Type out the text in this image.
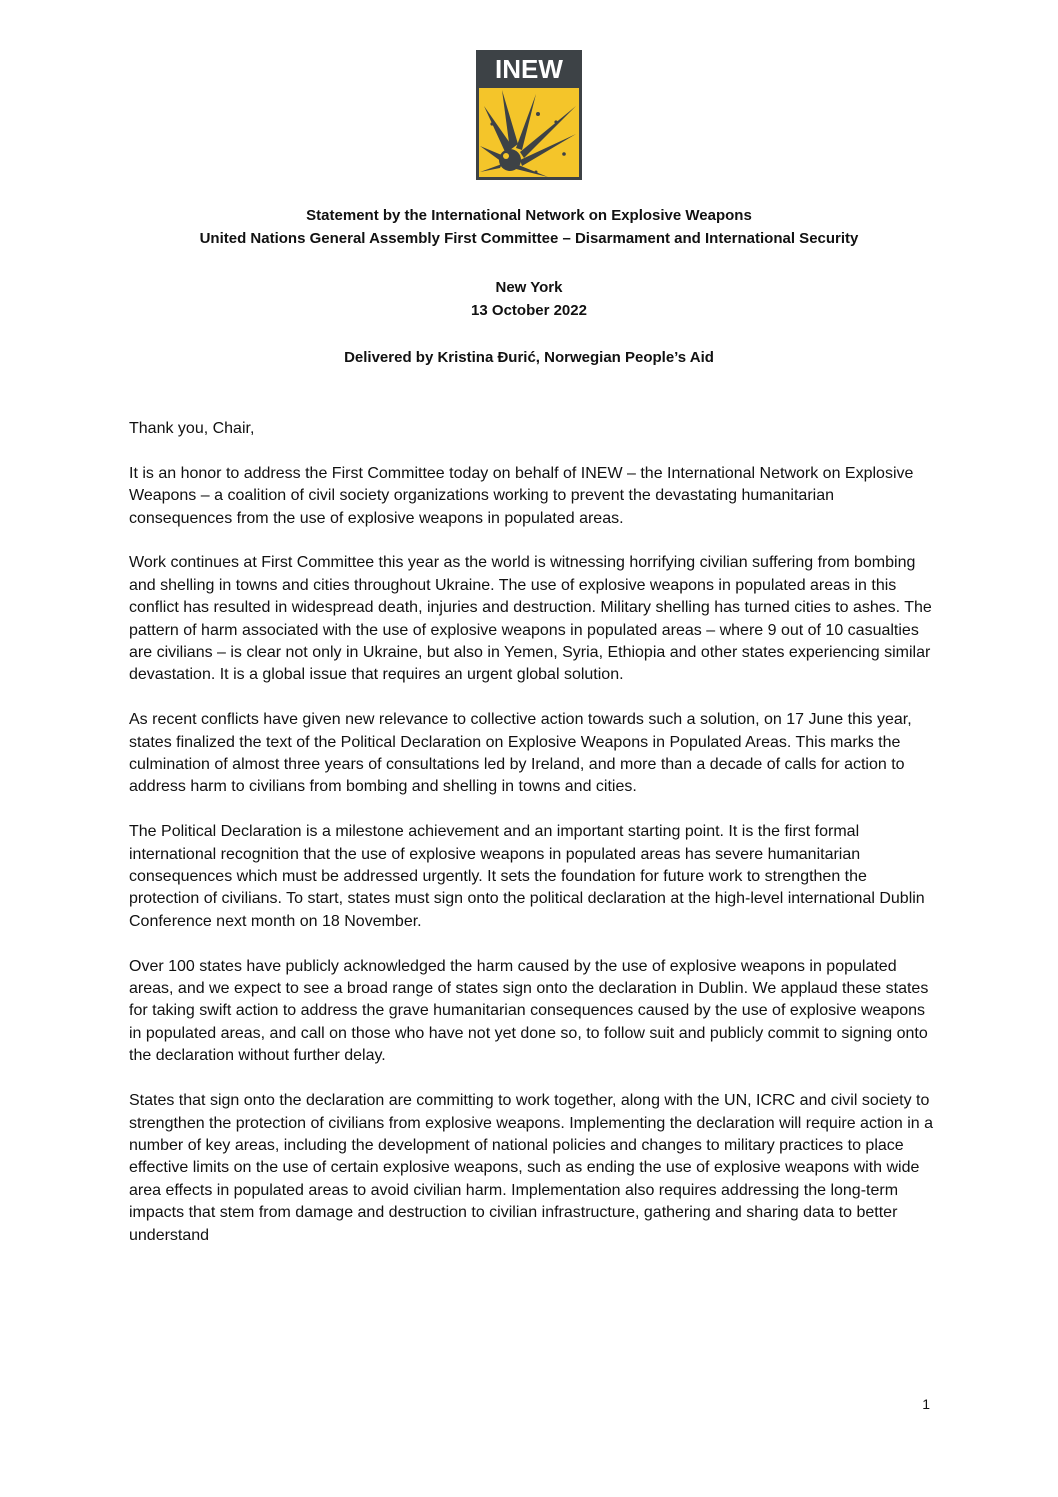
INEW
Statement by the International Network on Explosive Weapons
United Nations General Assembly First Committee – Disarmament and International Security
New York
13 October 2022
Delivered by Kristina Đurić, Norwegian People’s Aid

Thank you, Chair,

It is an honor to address the First Committee today on behalf of INEW – the International Network on Explosive Weapons – a coalition of civil society organizations working to prevent the devastating humanitarian consequences from the use of explosive weapons in populated areas.

Work continues at First Committee this year as the world is witnessing horrifying civilian suffering from bombing and shelling in towns and cities throughout Ukraine. The use of explosive weapons in populated areas in this conflict has resulted in widespread death, injuries and destruction. Military shelling has turned cities to ashes. The pattern of harm associated with the use of explosive weapons in populated areas – where 9 out of 10 casualties are civilians – is clear not only in Ukraine, but also in Yemen, Syria, Ethiopia and other states experiencing similar devastation. It is a global issue that requires an urgent global solution.

As recent conflicts have given new relevance to collective action towards such a solution, on 17 June this year, states finalized the text of the Political Declaration on Explosive Weapons in Populated Areas. This marks the culmination of almost three years of consultations led by Ireland, and more than a decade of calls for action to address harm to civilians from bombing and shelling in towns and cities.

The Political Declaration is a milestone achievement and an important starting point. It is the first formal international recognition that the use of explosive weapons in populated areas has severe humanitarian consequences which must be addressed urgently. It sets the foundation for future work to strengthen the protection of civilians. To start, states must sign onto the political declaration at the high-level international Dublin Conference next month on 18 November.

Over 100 states have publicly acknowledged the harm caused by the use of explosive weapons in populated areas, and we expect to see a broad range of states sign onto the declaration in Dublin. We applaud these states for taking swift action to address the grave humanitarian consequences caused by the use of explosive weapons in populated areas, and call on those who have not yet done so, to follow suit and publicly commit to signing onto the declaration without further delay.

States that sign onto the declaration are committing to work together, along with the UN, ICRC and civil society to strengthen the protection of civilians from explosive weapons. Implementing the declaration will require action in a number of key areas, including the development of national policies and changes to military practices to place effective limits on the use of certain explosive weapons, such as ending the use of explosive weapons with wide area effects in populated areas to avoid civilian harm. Implementation also requires addressing the long-term impacts that stem from damage and destruction to civilian infrastructure, gathering and sharing data to better understand

1
